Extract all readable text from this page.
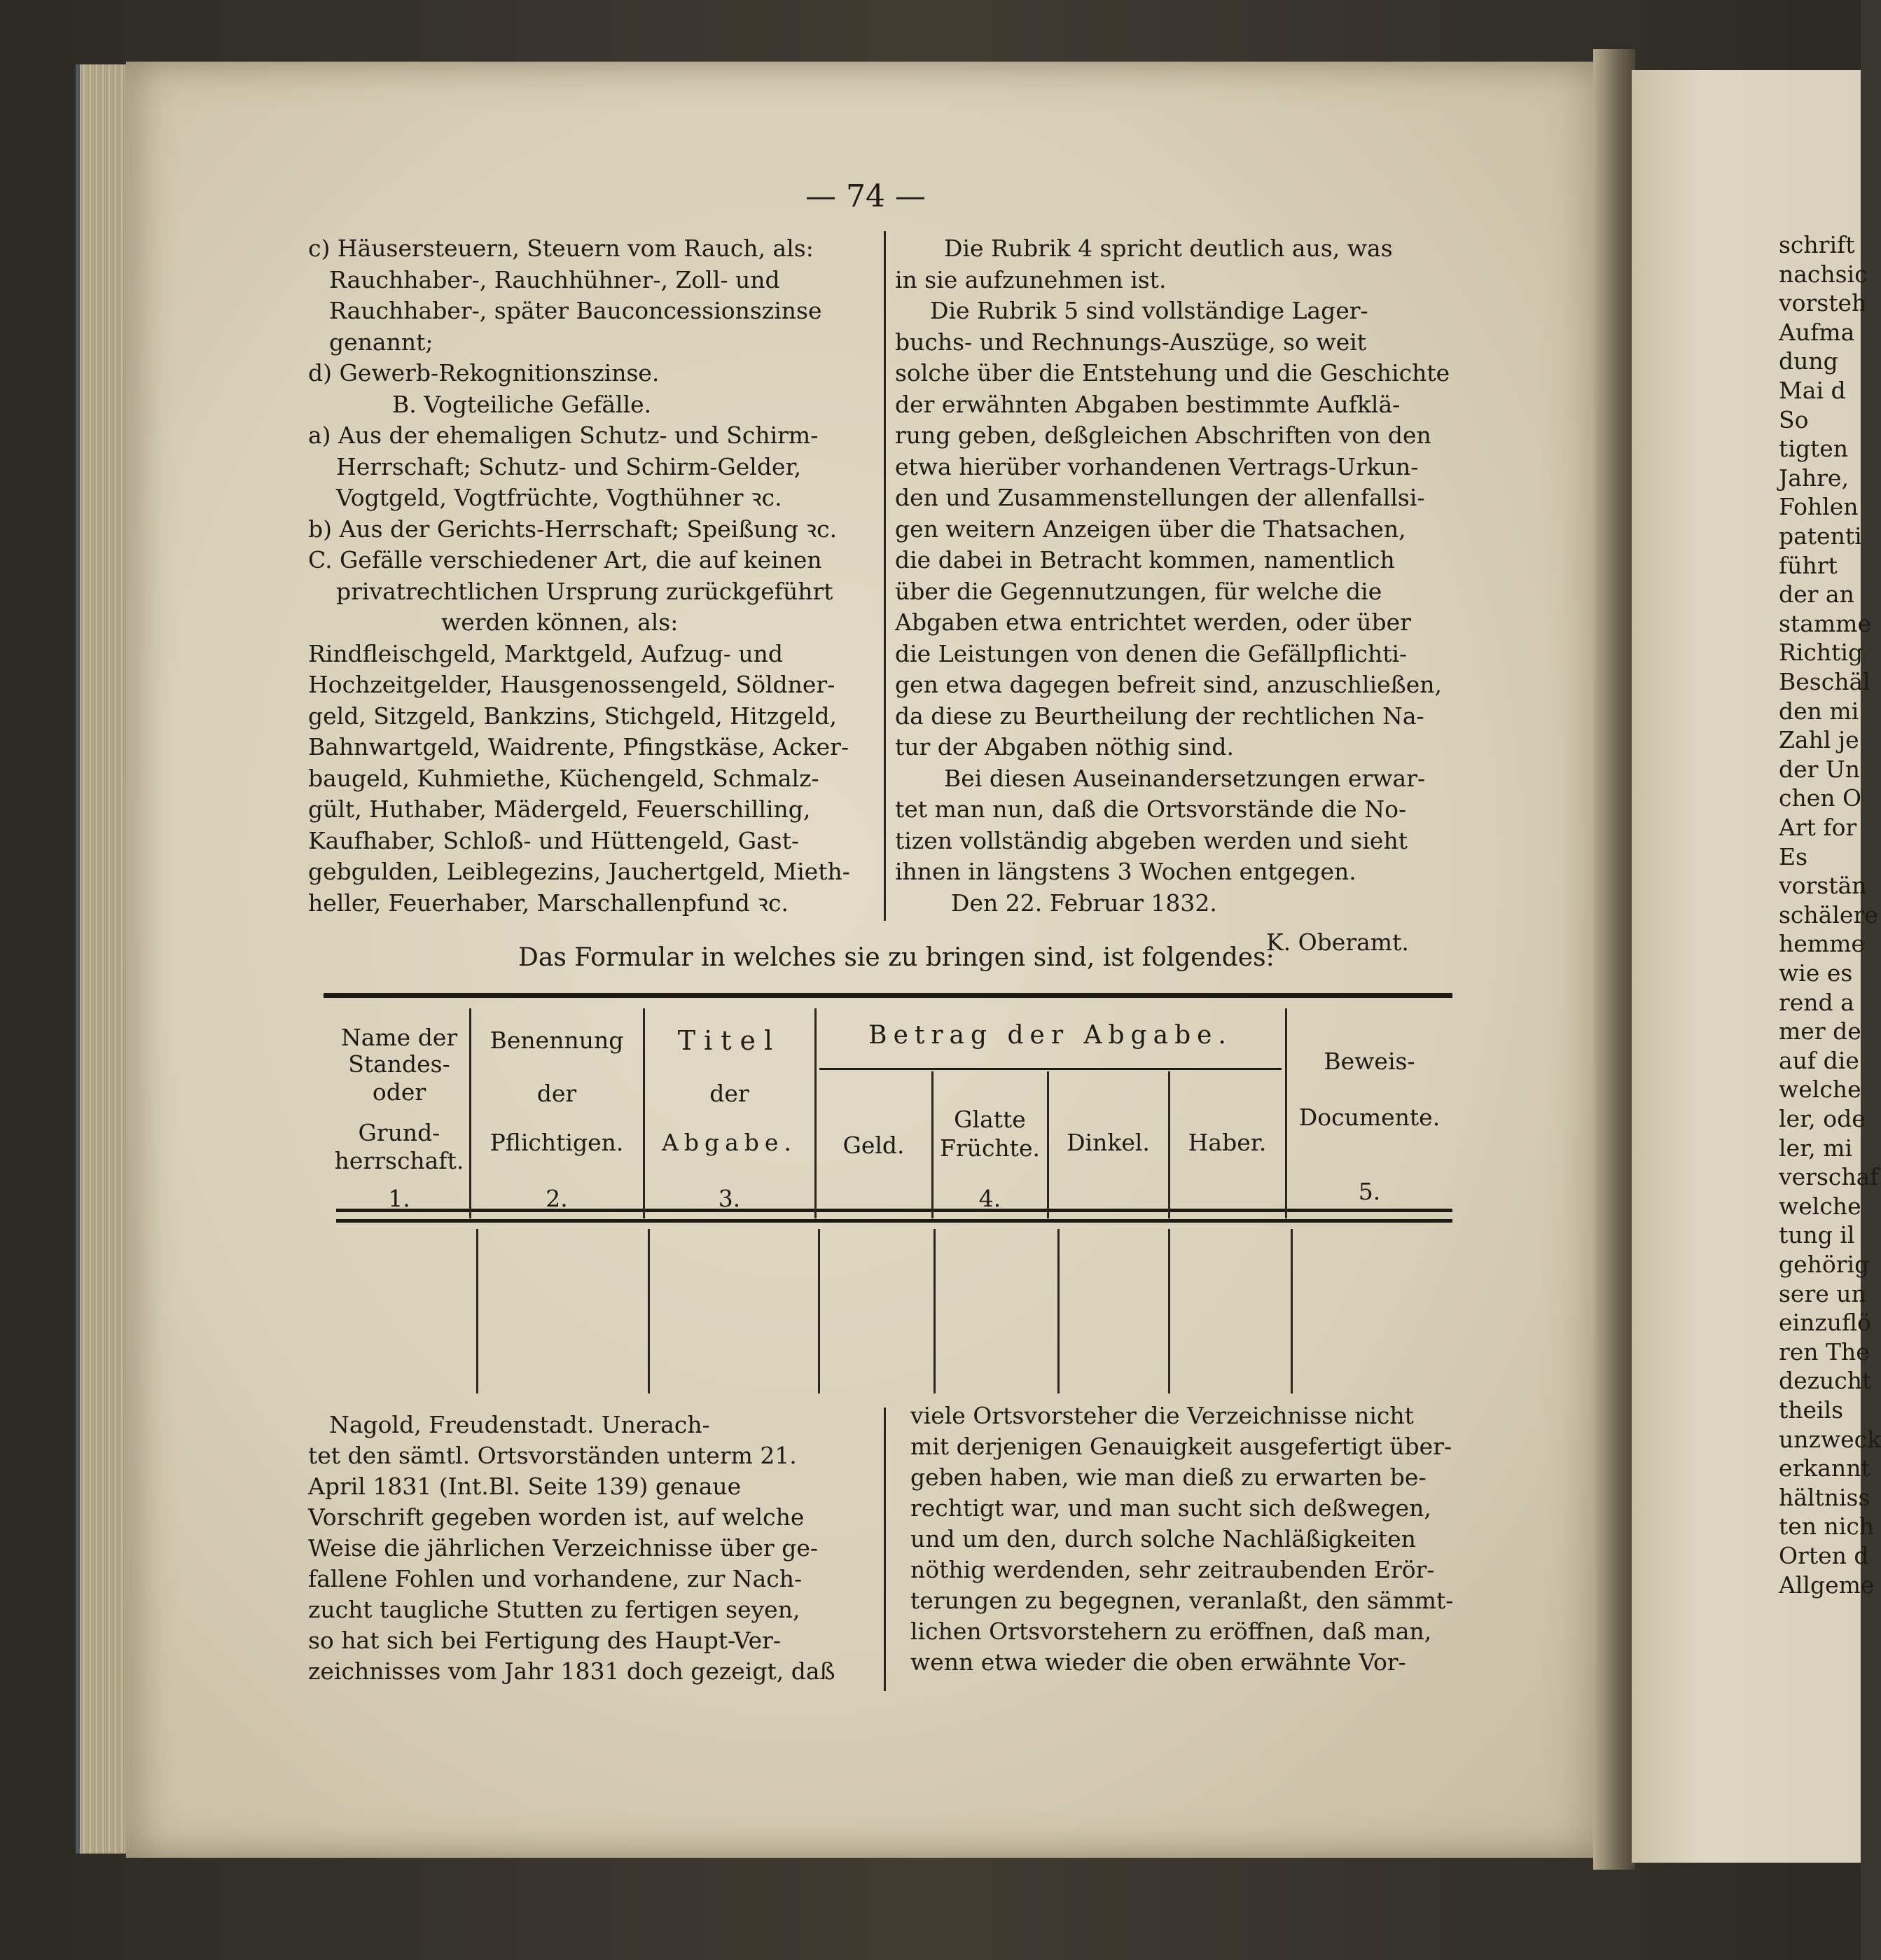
schrift
nachsic
vorsteh
Aufma
dung
Mai d
So
tigten
Jahre,
Fohlen
patenti
führt
der an
stamme
Richtig
Beschäl
den mi
Zahl je
der Un
chen O
Art for
Es
vorstän
schälere
hemme
wie es
rend a
mer de
auf die
welche
ler, ode
ler, mi
verschaf
welche
tung il
gehörig
sere un
einzuflö
ren The
dezucht
theils
unzweck
erkannt
hältniss
ten nich
Orten d
Allgeme
— 74 —
c) Häusersteuern, Steuern vom Rauch, als:
Rauchhaber-, Rauchhühner-, Zoll- und
Rauchhaber-, später Bauconcessionszinse
genannt;
d) Gewerb-Rekognitionszinse.
B. Vogteiliche Gefälle.
a) Aus der ehemaligen Schutz- und Schirm-
Herrschaft; Schutz- und Schirm-Gelder,
Vogtgeld, Vogtfrüchte, Vogthühner ꝛc.
b) Aus der Gerichts-Herrschaft; Speißung ꝛc.
C. Gefälle verschiedener Art, die auf keinen
privatrechtlichen Ursprung zurückgeführt
werden können, als:
Rindfleischgeld, Marktgeld, Aufzug- und
Hochzeitgelder, Hausgenossengeld, Söldner-
geld, Sitzgeld, Bankzins, Stichgeld, Hitzgeld,
Bahnwartgeld, Waidrente, Pfingstkäse, Acker-
baugeld, Kuhmiethe, Küchengeld, Schmalz-
gült, Huthaber, Mädergeld, Feuerschilling,
Kaufhaber, Schloß- und Hüttengeld, Gast-
gebgulden, Leiblegezins, Jauchertgeld, Mieth-
heller, Feuerhaber, Marschallenpfund ꝛc.
Die Rubrik 4 spricht deutlich aus, was
in sie aufzunehmen ist.
Die Rubrik 5 sind vollständige Lager-
buchs- und Rechnungs-Auszüge, so weit
solche über die Entstehung und die Geschichte
der erwähnten Abgaben bestimmte Aufklä-
rung geben, deßgleichen Abschriften von den
etwa hierüber vorhandenen Vertrags-Urkun-
den und Zusammenstellungen der allenfallsi-
gen weitern Anzeigen über die Thatsachen,
die dabei in Betracht kommen, namentlich
über die Gegennutzungen, für welche die
Abgaben etwa entrichtet werden, oder über
die Leistungen von denen die Gefällpflichti-
gen etwa dagegen befreit sind, anzuschließen,
da diese zu Beurtheilung der rechtlichen Na-
tur der Abgaben nöthig sind.
Bei diesen Auseinandersetzungen erwar-
tet man nun, daß die Ortsvorstände die No-
tizen vollständig abgeben werden und sieht
ihnen in längstens 3 Wochen entgegen.
Den 22. Februar 1832.
K. Oberamt.
Das Formular in welches sie zu bringen sind, ist folgendes:
Name der
Standes-
oder
Grund-
herrschaft.
1.
Benennung
der
Pflichtigen.
2.
Titel
der
Abgabe.
3.
Betrag der Abgabe.
Geld.
Glatte Früchte.	Dinkel.	Haber.
4.
Beweis-
Documente.
5.
Nagold, Freudenstadt. Unerach-
tet den sämtl. Ortsvorständen unterm 21.
April 1831 (Int.Bl. Seite 139) genaue
Vorschrift gegeben worden ist, auf welche
Weise die jährlichen Verzeichnisse über ge-
fallene Fohlen und vorhandene, zur Nach-
zucht taugliche Stutten zu fertigen seyen,
so hat sich bei Fertigung des Haupt-Ver-
zeichnisses vom Jahr 1831 doch gezeigt, daß
viele Ortsvorsteher die Verzeichnisse nicht
mit derjenigen Genauigkeit ausgefertigt über-
geben haben, wie man dieß zu erwarten be-
rechtigt war, und man sucht sich deßwegen,
und um den, durch solche Nachläßigkeiten
nöthig werdenden, sehr zeitraubenden Erör-
terungen zu begegnen, veranlaßt, den sämmt-
lichen Ortsvorstehern zu eröffnen, daß man,
wenn etwa wieder die oben erwähnte Vor-
